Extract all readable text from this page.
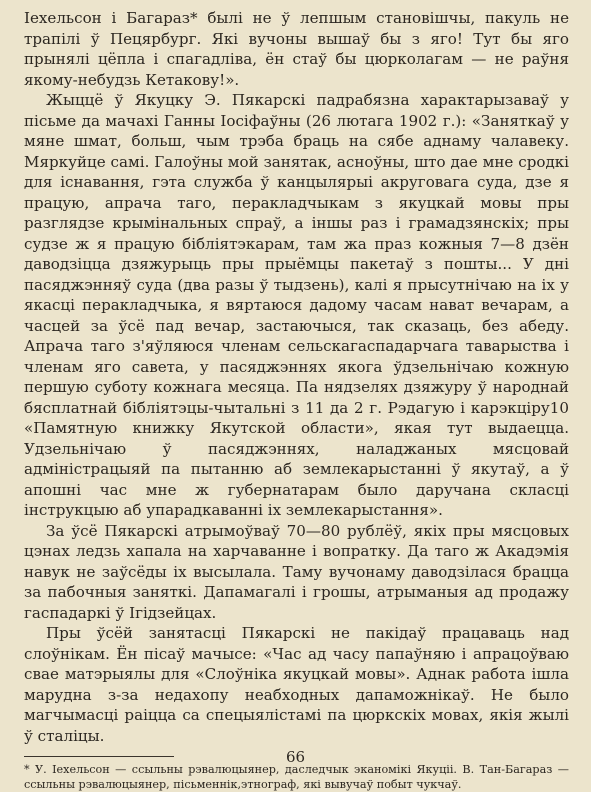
Іехельсон і Багараз* былі не ў лепшым становішчы, пакуль не трапілі ў Пецярбург. Якi вучоны вышаў бы з яго! Тут бы яго прынялі цёпла і спагадліва, ён стаў бы цюрколагам — не раўня якому-небудзь Кетакову!».

Жыццё ў Якуцку Э. Пякарскі падрабязна характарызаваў у пісьме да мачахі Ганны Іосіфаўны (26 лютага 1902 г.): «Заняткаў у мяне шмат, больш, чым трэба браць на сябе аднаму чалавеку. Мяркуйце самі. Галоўны мой занятак, асноўны, што дае мне сродкі для існавання, гэта служба ў канцылярыі акруговага суда, дзе я працую, апрача таго, перакладчыкам з якуцкай мовы пры разглядзе крымінальных спраў, а іншы раз і грамадзянскіх; пры судзе ж я працую бібліятэкарам, там жа праз кожныя 7—8 дзён даводзіцца дзяжурыць пры прыёмцы пакетаў з пошты... У дні пасяджэнняў суда (два разы ў тыдзень), калі я прысутнічаю на іх у якасці перакладчыка, я вяртаюся дадому часам нават вечарам, а часцей за ўсё пад вечар, застаючыся, так сказаць, без абеду. Апрача таго з'яўляюся членам сельскагаспадарчага таварыства і членам яго савета, у пасяджэннях якога ўдзельнічаю кожную першую суботу кожнага месяца. Па нядзелях дзяжуру ў народнай бясплатнай бібліятэцы-чытальні з 11 да 2 г. Рэдагую і карэкціру10 «Памятную книжку Якутской области», якая тут выдаецца. Удзельнічаю ў пасяджэннях, наладжаных мясцовай адміністрацыяй па пытанню аб землекарыстанні ў якутаў, а ў апошні час мне ж губернатарам было даручана скласці інструкцыю аб упарадкаванні іх землекарыстання».

За ўсё Пякарскі атрымоўваў 70—80 рублёў, якіх пры мясцовых цэнах ледзь хапала на харчаванне і вопратку. Да таго ж Акадэмія навук не заўсёды іх высылала. Таму вучонаму даводзілася брацца за пабочныя заняткі. Дапамагалі і грошы, атрыманыя ад продажу гаспадаркі ў Ігідзейцах.

Пры ўсёй занятасці Пякарскі не пакідаў працаваць над слоўнікам. Ён пісаў мачысе: «Час ад часу папаўняю і апрацоўваю свае матэрыялы для «Слоўніка якуцкай мовы». Аднак работа ішла марудна з-за недахопу неабходных дапаможнікаў. Не было магчымасці раіцца са спецыялістамі па цюркскіх мовах, якія жылі ў сталіцы.

* У. Іехельсон — ссыльны рэвалюцыянер, даследчык эканомікі Якуціі. В. Тан-Багараз — ссыльны рэвалюцыянер, пісьменнік,этнограф, які вывучаў побыт чукчаў.

66
